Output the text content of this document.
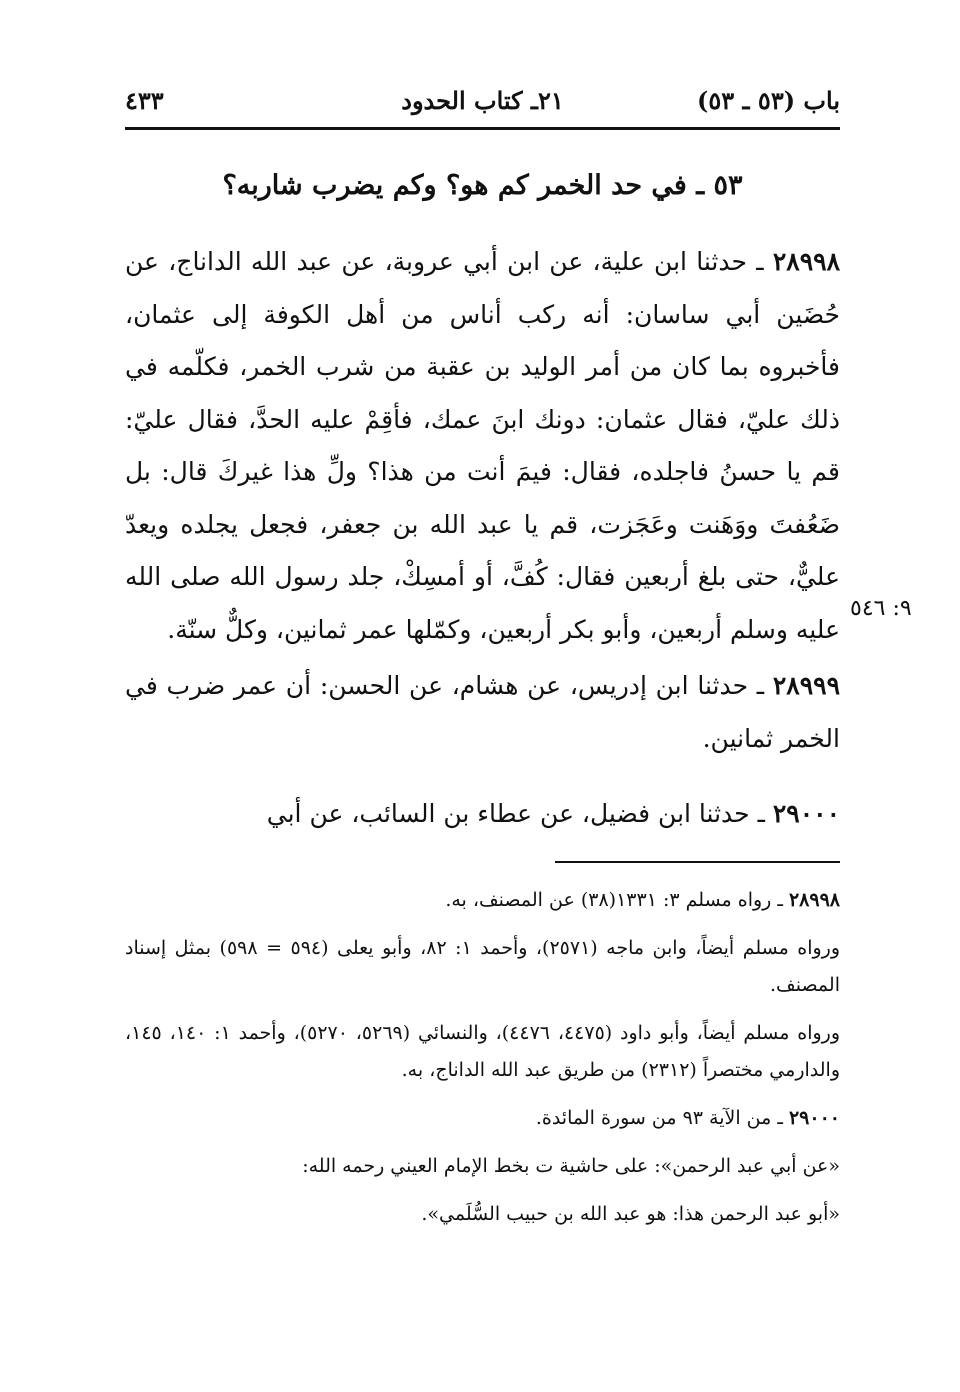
باب (٥٣ ـ ٥٣)
٢١ـ كتاب الحدود
٤٣٣
٥٣ ـ في حد الخمر كم هو؟ وكم يضرب شاربه؟

٢٨٩٩٨ ـ حدثنا ابن علية، عن ابن أبي عروبة، عن عبد الله الداناج، عن حُضَين أبي ساسان: أنه ركب أناس من أهل الكوفة إلى عثمان، فأخبروه بما كان من أمر الوليد بن عقبة من شرب الخمر، فكلّمه في ذلك عليّ، فقال عثمان: دونك ابنَ عمك، فأقِمْ عليه الحدَّ، فقال عليّ: قم يا حسنُ فاجلده، فقال: فيمَ أنت من هذا؟ ولِّ هذا غيركَ قال: بل ضَعُفتَ ووَهَنت وعَجَزت، قم يا عبد الله بن جعفر، فجعل يجلده ويعدّ عليٌّ، حتى بلغ أربعين فقال: كُفَّ، أو أمسِكْ، جلد رسول الله صلى الله عليه وسلم أربعين، وأبو بكر أربعين، وكمّلها عمر ثمانين، وكلٌّ سنّة.

٩: ٥٤٦

٢٨٩٩٩ ـ حدثنا ابن إدريس، عن هشام، عن الحسن: أن عمر ضرب في الخمر ثمانين.

٢٩٠٠٠ ـ حدثنا ابن فضيل، عن عطاء بن السائب، عن أبي

٢٨٩٩٨ ـ رواه مسلم ٣: ١٣٣١(٣٨) عن المصنف، به.

ورواه مسلم أيضاً، وابن ماجه (٢٥٧١)، وأحمد ١: ٨٢، وأبو يعلى (٥٩٤ = ٥٩٨) بمثل إسناد المصنف.

ورواه مسلم أيضاً، وأبو داود (٤٤٧٥، ٤٤٧٦)، والنسائي (٥٢٦٩، ٥٢٧٠)، وأحمد ١: ١٤٠، ١٤٥، والدارمي مختصراً (٢٣١٢) من طريق عبد الله الداناج، به.

٢٩٠٠٠ ـ من الآية ٩٣ من سورة المائدة.

«عن أبي عبد الرحمن»: على حاشية ت بخط الإمام العيني رحمه الله:

«أبو عبد الرحمن هذا: هو عبد الله بن حبيب السُّلَمي».
